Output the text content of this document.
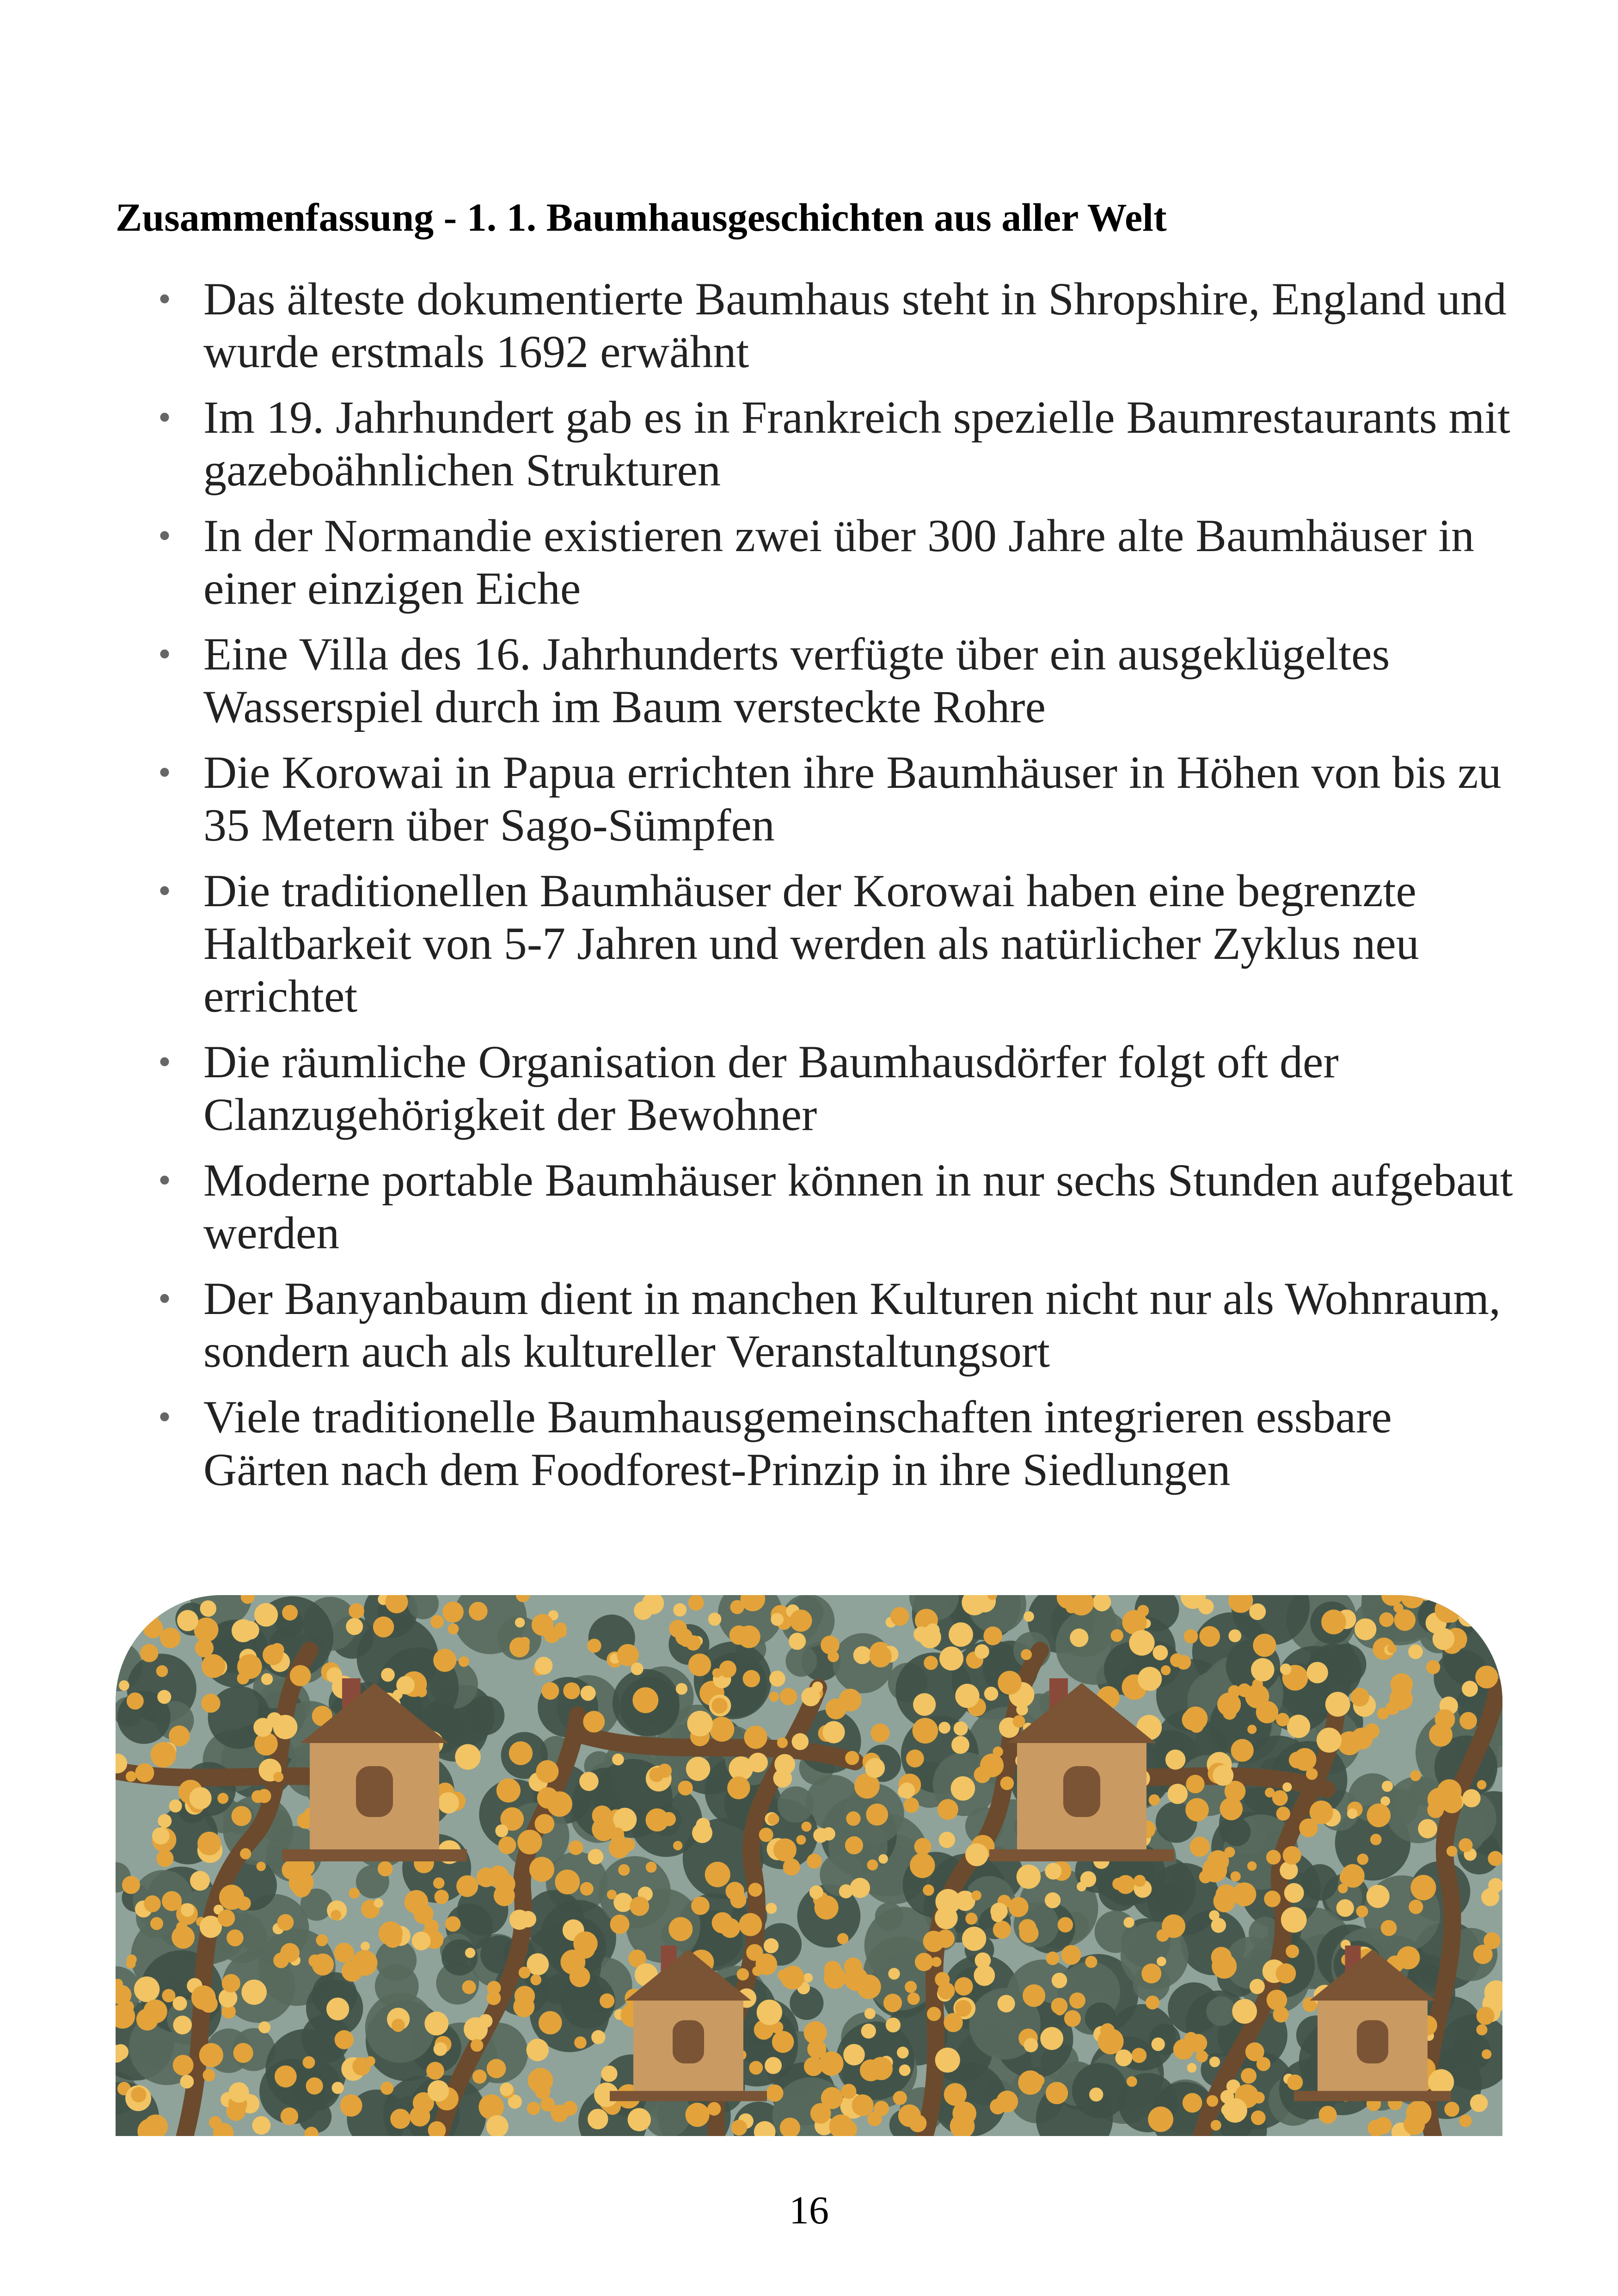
Zusammenfassung - 1. 1. Baumhausgeschichten aus aller Welt
• Das älteste dokumentierte Baumhaus steht in Shropshire, England und wurde erstmals 1692 erwähnt
• Im 19. Jahrhundert gab es in Frankreich spezielle Baumrestaurants mit gazeboähnlichen Strukturen
• In der Normandie existieren zwei über 300 Jahre alte Baumhäuser in einer einzigen Eiche
• Eine Villa des 16. Jahrhunderts verfügte über ein ausgeklügeltes Wasserspiel durch im Baum versteckte Rohre
• Die Korowai in Papua errichten ihre Baumhäuser in Höhen von bis zu 35 Metern über Sago-Sümpfen
• Die traditionellen Baumhäuser der Korowai haben eine begrenzte Haltbarkeit von 5-7 Jahren und werden als natürlicher Zyklus neu errichtet
• Die räumliche Organisation der Baumhausdörfer folgt oft der Clanzugehörigkeit der Bewohner
• Moderne portable Baumhäuser können in nur sechs Stunden aufgebaut werden
• Der Banyanbaum dient in manchen Kulturen nicht nur als Wohnraum, sondern auch als kultureller Veranstaltungsort
• Viele traditionelle Baumhausgemeinschaften integrieren essbare Gärten nach dem Foodforest-Prinzip in ihre Siedlungen
16
